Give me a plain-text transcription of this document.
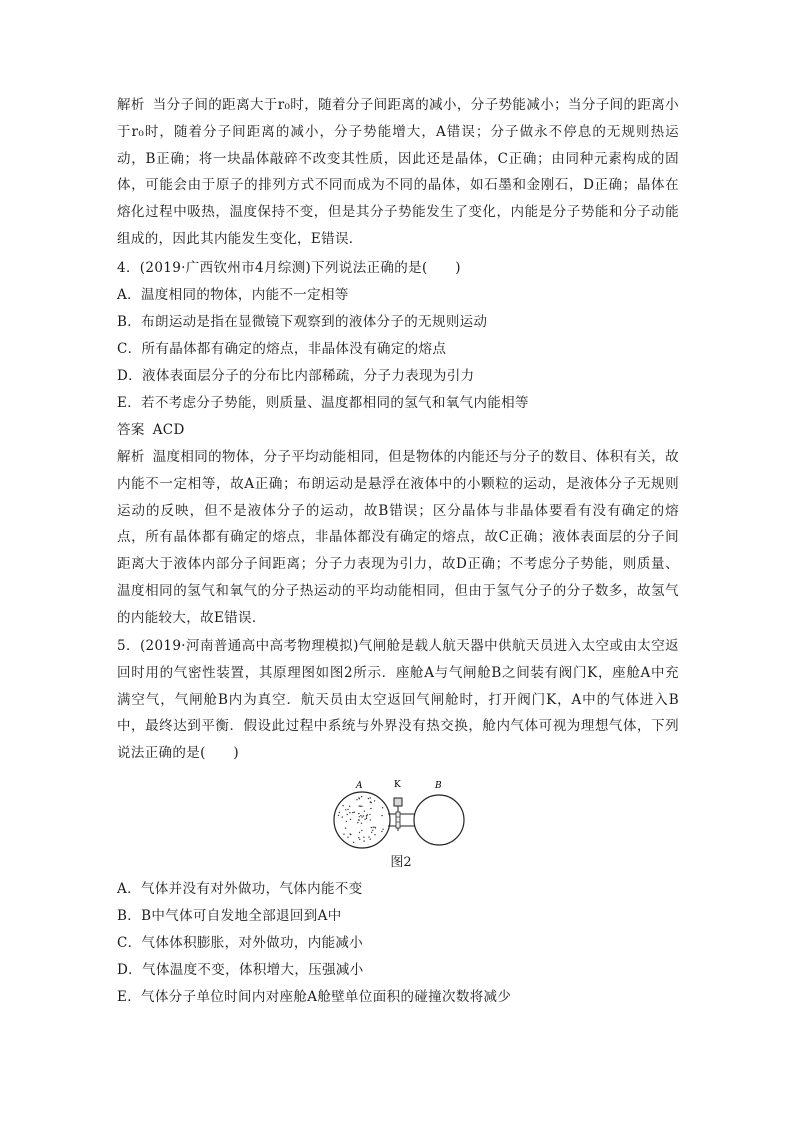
解析 当分子间的距离大于r₀时，随着分子间距离的减小，分子势能减小；当分子间的距离小于r₀时，随着分子间距离的减小，分子势能增大，A错误；分子做永不停息的无规则热运动，B正确；将一块晶体敲碎不改变其性质，因此还是晶体，C正确；由同种元素构成的固体，可能会由于原子的排列方式不同而成为不同的晶体，如石墨和金刚石，D正确；晶体在熔化过程中吸热，温度保持不变，但是其分子势能发生了变化，内能是分子势能和分子动能组成的，因此其内能发生变化，E错误．
4．(2019·广西钦州市4月综测)下列说法正确的是(　　)
A．温度相同的物体，内能不一定相等
B．布朗运动是指在显微镜下观察到的液体分子的无规则运动
C．所有晶体都有确定的熔点，非晶体没有确定的熔点
D．液体表面层分子的分布比内部稀疏，分子力表现为引力
E．若不考虑分子势能，则质量、温度都相同的氢气和氧气内能相等
答案 ACD
解析 温度相同的物体，分子平均动能相同，但是物体的内能还与分子的数目、体积有关，故内能不一定相等，故A正确；布朗运动是悬浮在液体中的小颗粒的运动，是液体分子无规则运动的反映，但不是液体分子的运动，故B错误；区分晶体与非晶体要看有没有确定的熔点，所有晶体都有确定的熔点，非晶体都没有确定的熔点，故C正确；液体表面层的分子间距离大于液体内部分子间距离；分子力表现为引力，故D正确；不考虑分子势能，则质量、温度相同的氢气和氧气的分子热运动的平均动能相同，但由于氢气分子的分子数多，故氢气的内能较大，故E错误．
5．(2019·河南普通高中高考物理模拟)气闸舱是载人航天器中供航天员进入太空或由太空返回时用的气密性装置，其原理图如图2所示．座舱A与气闸舱B之间装有阀门K，座舱A中充满空气，气闸舱B内为真空．航天员由太空返回气闸舱时，打开阀门K，A中的气体进入B中，最终达到平衡．假设此过程中系统与外界没有热交换，舱内气体可视为理想气体，下列说法正确的是(　　)
A	K	B
图2
A．气体并没有对外做功，气体内能不变
B．B中气体可自发地全部退回到A中
C．气体体积膨胀，对外做功，内能减小
D．气体温度不变，体积增大，压强减小
E．气体分子单位时间内对座舱A舱壁单位面积的碰撞次数将减少
